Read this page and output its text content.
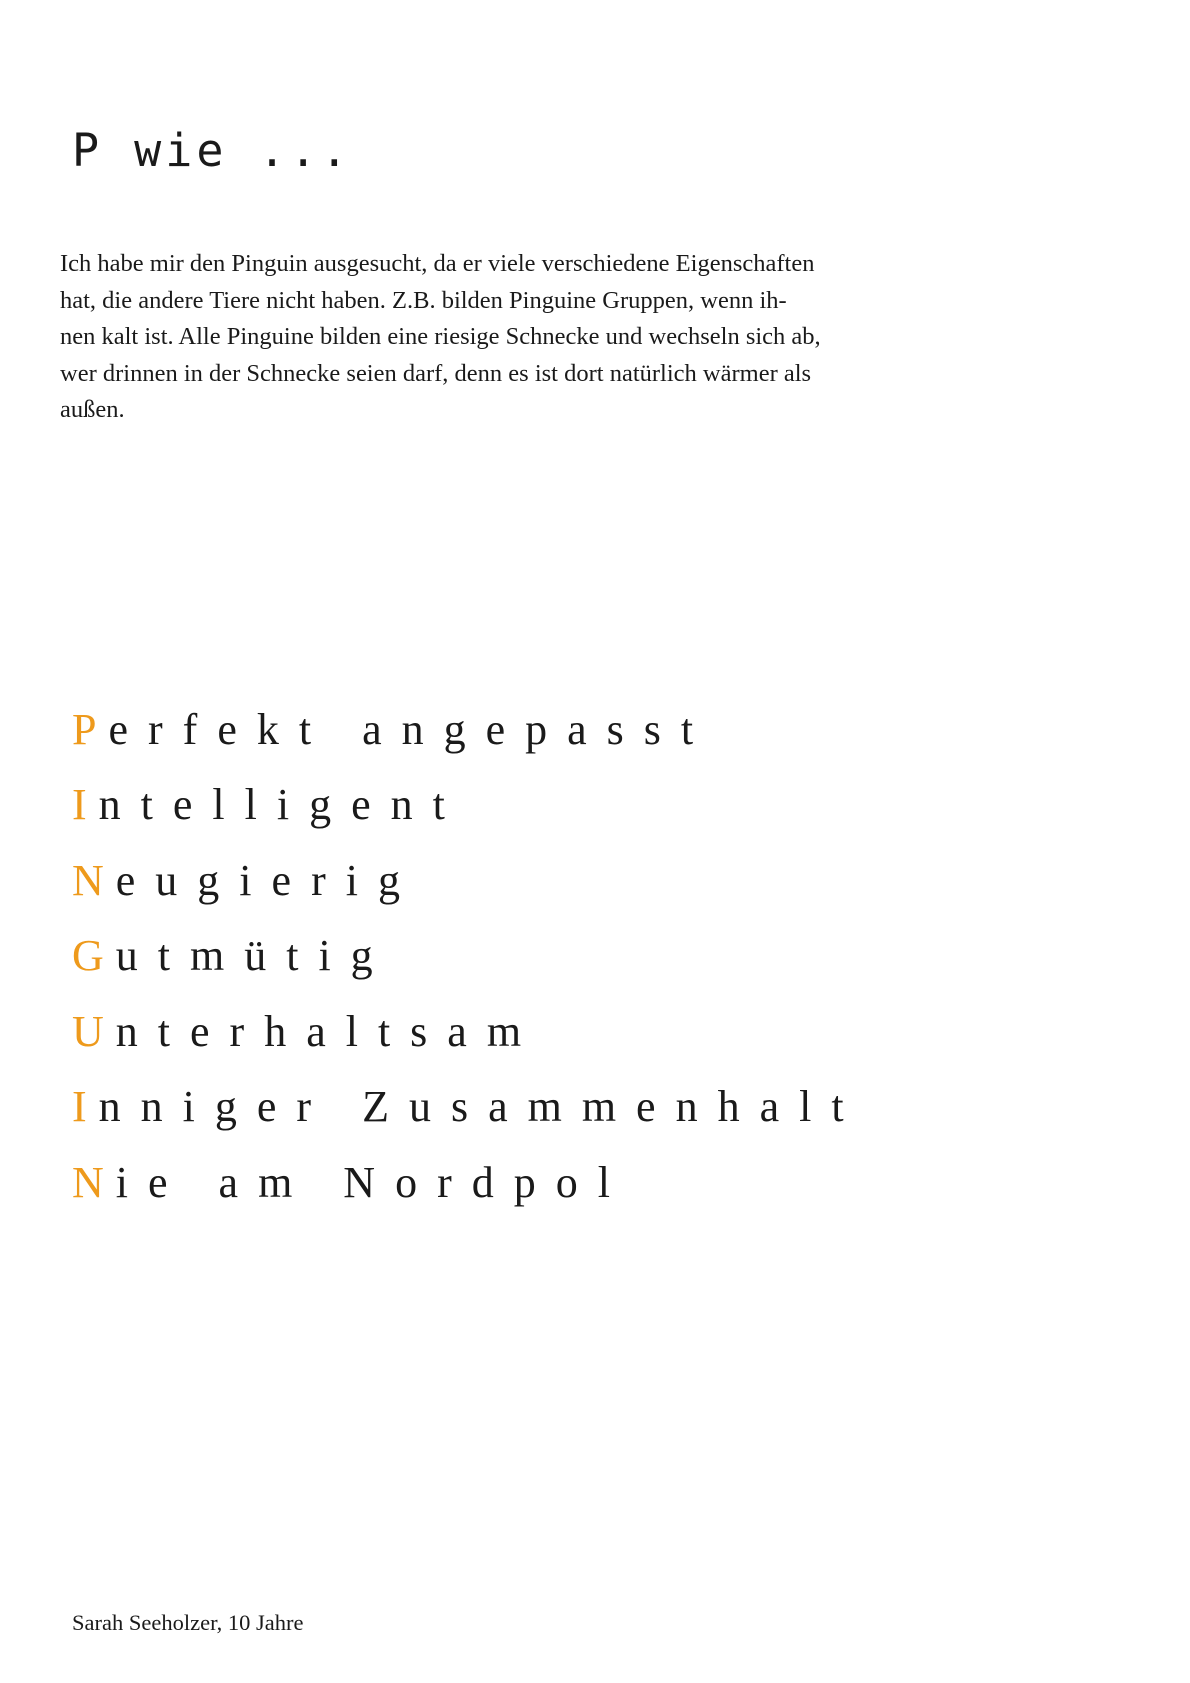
P wie ...

Ich habe mir den Pinguin ausgesucht, da er viele verschiedene Eigenschaften
hat, die andere Tiere nicht haben. Z.B. bilden Pinguine Gruppen, wenn ih-
nen kalt ist. Alle Pinguine bilden eine riesige Schnecke und wechseln sich ab,
wer drinnen in der Schnecke seien darf, denn es ist dort natürlich wärmer als
außen.

P erfekt angepasst
I ntelligent
N eugierig
G utmütig
U nterhaltsam
I nniger Zusammenhalt
N ie am Nordpol

Sarah Seeholzer, 10 Jahre
